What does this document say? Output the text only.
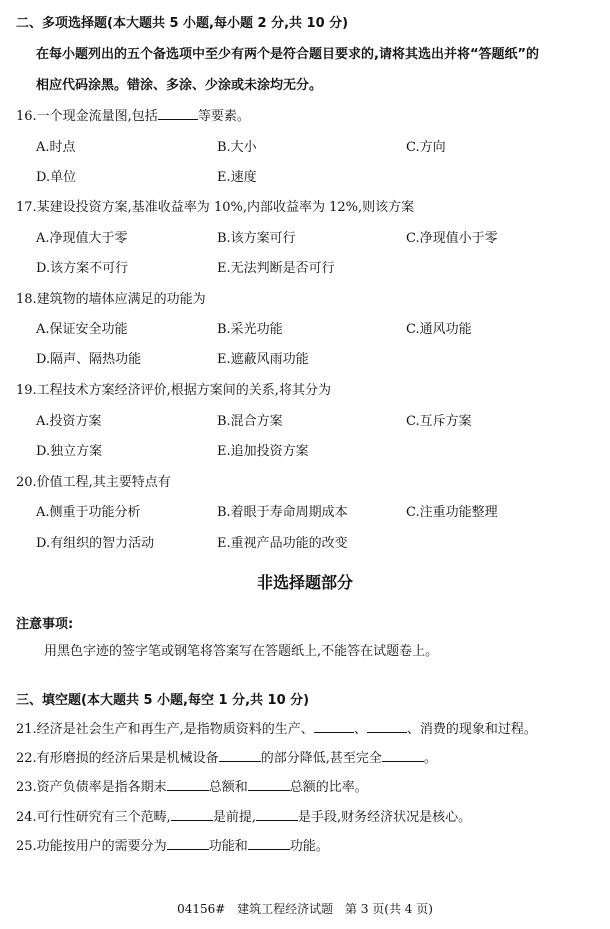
二、多项选择题(本大题共 5 小题,每小题 2 分,共 10 分)
在每小题列出的五个备选项中至少有两个是符合题目要求的,请将其选出并将“答题纸”的
相应代码涂黑。错涂、多涂、少涂或未涂均无分。
16.一个现金流量图,包括	等要素。
A.时点	B.大小	C.方向
D.单位	E.速度
17.某建设投资方案,基准收益率为 10%,内部收益率为 12%,则该方案
A.净现值大于零	B.该方案可行	C.净现值小于零
D.该方案不可行	E.无法判断是否可行
18.建筑物的墙体应满足的功能为
A.保证安全功能	B.采光功能	C.通风功能
D.隔声、隔热功能	E.遮蔽风雨功能
19.工程技术方案经济评价,根据方案间的关系,将其分为
A.投资方案	B.混合方案	C.互斥方案
D.独立方案	E.追加投资方案
20.价值工程,其主要特点有
A.侧重于功能分析	B.着眼于寿命周期成本	C.注重功能整理
D.有组织的智力活动	E.重视产品功能的改变
非选择题部分
注意事项:
用黑色字迹的签字笔或钢笔将答案写在答题纸上,不能答在试题卷上。
三、填空题(本大题共 5 小题,每空 1 分,共 10 分)
21.经济是社会生产和再生产,是指物质资料的生产、	、	、消费的现象和过程。
22.有形磨损的经济后果是机械设备	的部分降低,甚至完全	。
23.资产负债率是指各期末	总额和	总额的比率。
24.可行性研究有三个范畴,	是前提,	是手段,财务经济状况是核心。
25.功能按用户的需要分为	功能和	功能。
04156# 建筑工程经济试题 第 3 页(共 4 页)
